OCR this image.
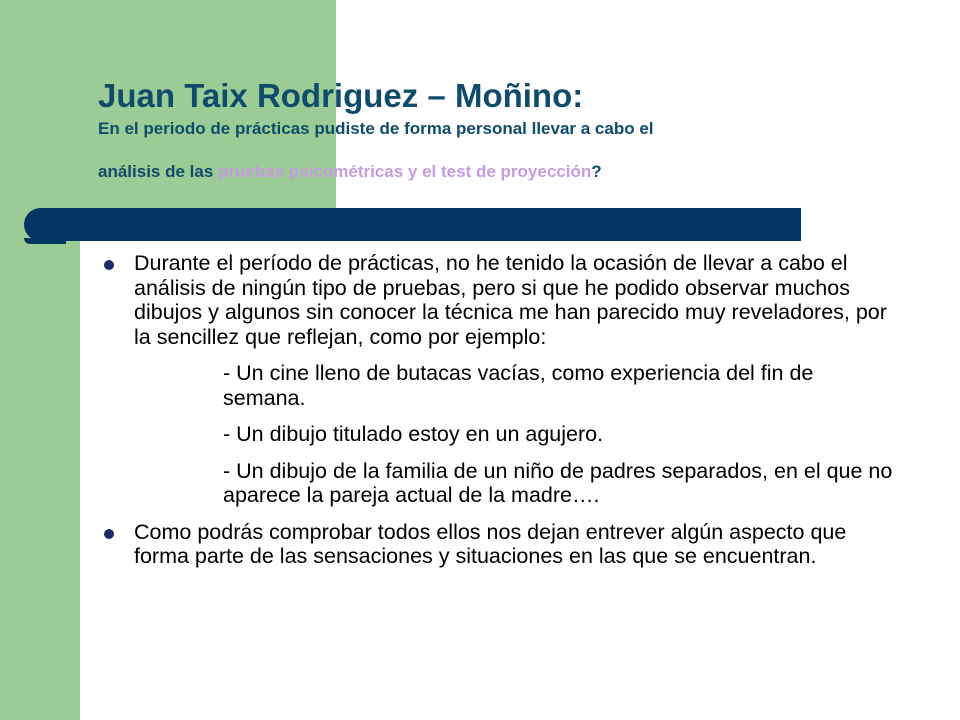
Juan Taix Rodriguez – Moñino:
En el periodo de prácticas pudiste de forma personal llevar a cabo el
análisis de las pruebas psicométricas y el test de proyección?
Durante el período de prácticas, no he tenido la ocasión de llevar a cabo el análisis de ningún tipo de pruebas, pero si que he podido observar muchos dibujos y algunos sin conocer la técnica me han parecido muy reveladores, por la sencillez que reflejan, como por ejemplo:
- Un cine lleno de butacas vacías, como experiencia del fin de semana.
- Un dibujo titulado estoy en un agujero.
- Un dibujo de la familia de un niño de padres separados, en el que no aparece la pareja actual de la madre….
Como podrás comprobar todos ellos nos dejan entrever algún aspecto que forma parte de las sensaciones y situaciones en las que se encuentran.
